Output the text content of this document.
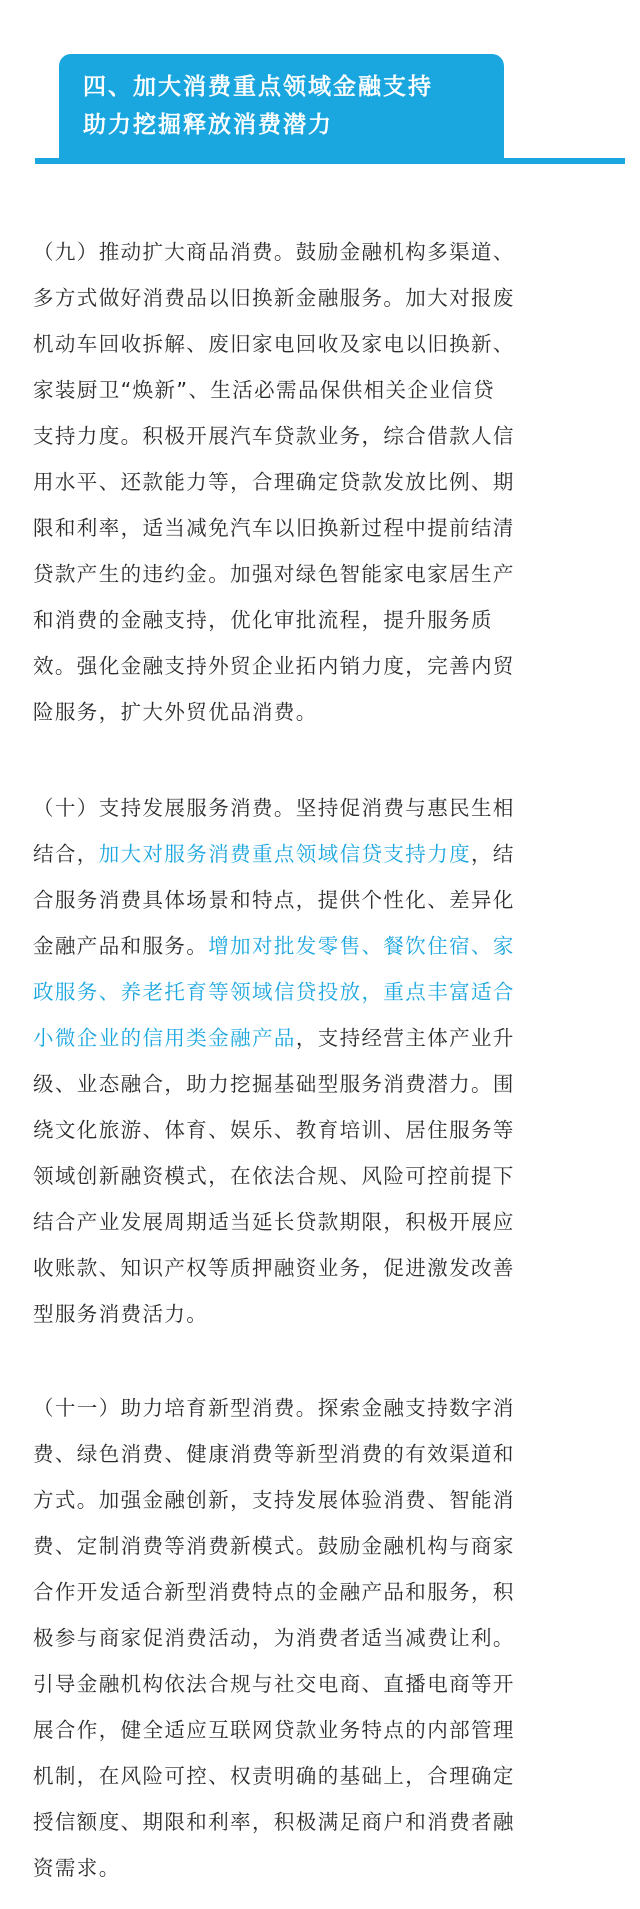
四、加大消费重点领域金融支持
助力挖掘释放消费潜力
（九）推动扩大商品消费。鼓励金融机构多渠道、
多方式做好消费品以旧换新金融服务。加大对报废
机动车回收拆解、废旧家电回收及家电以旧换新、
家装厨卫“焕新”、生活必需品保供相关企业信贷
支持力度。积极开展汽车贷款业务，综合借款人信
用水平、还款能力等，合理确定贷款发放比例、期
限和利率，适当减免汽车以旧换新过程中提前结清
贷款产生的违约金。加强对绿色智能家电家居生产
和消费的金融支持，优化审批流程，提升服务质
效。强化金融支持外贸企业拓内销力度，完善内贸
险服务，扩大外贸优品消费。
（十）支持发展服务消费。坚持促消费与惠民生相
结合，加大对服务消费重点领域信贷支持力度，结
合服务消费具体场景和特点，提供个性化、差异化
金融产品和服务。增加对批发零售、餐饮住宿、家
政服务、养老托育等领域信贷投放，重点丰富适合
小微企业的信用类金融产品，支持经营主体产业升
级、业态融合，助力挖掘基础型服务消费潜力。围
绕文化旅游、体育、娱乐、教育培训、居住服务等
领域创新融资模式，在依法合规、风险可控前提下
结合产业发展周期适当延长贷款期限，积极开展应
收账款、知识产权等质押融资业务，促进激发改善
型服务消费活力。
（十一）助力培育新型消费。探索金融支持数字消
费、绿色消费、健康消费等新型消费的有效渠道和
方式。加强金融创新，支持发展体验消费、智能消
费、定制消费等消费新模式。鼓励金融机构与商家
合作开发适合新型消费特点的金融产品和服务，积
极参与商家促消费活动，为消费者适当减费让利。
引导金融机构依法合规与社交电商、直播电商等开
展合作，健全适应互联网贷款业务特点的内部管理
机制，在风险可控、权责明确的基础上，合理确定
授信额度、期限和利率，积极满足商户和消费者融
资需求。
